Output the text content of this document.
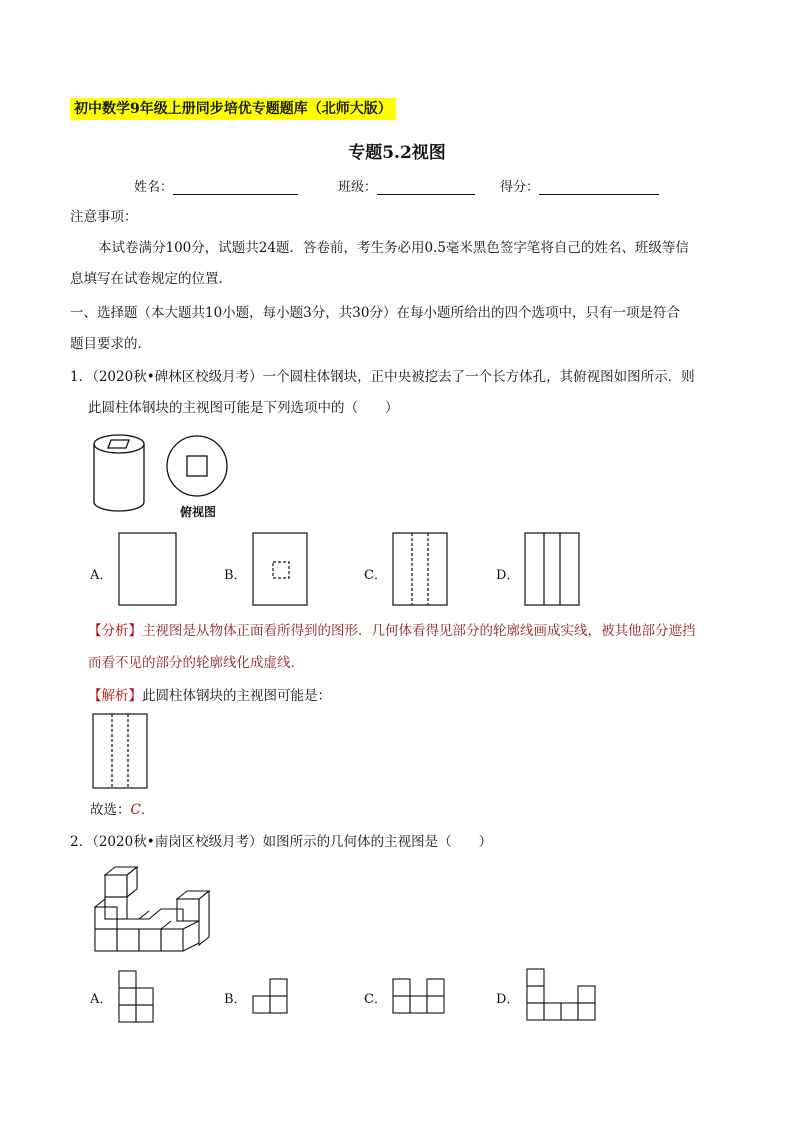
初中数学9年级上册同步培优专题题库（北师大版）
专题5.2视图
姓名：	班级：	得分：
注意事项：
本试卷满分100分，试题共24题．答卷前，考生务必用0.5毫米黑色签字笔将自己的姓名、班级等信
息填写在试卷规定的位置．
一、选择题（本大题共10小题，每小题3分，共30分）在每小题所给出的四个选项中，只有一项是符合
题目要求的．
1．（2020秋•碑林区校级月考）一个圆柱体钢块，正中央被挖去了一个长方体孔，其俯视图如图所示．则
此圆柱体钢块的主视图可能是下列选项中的（　　）
俯视图
A．	B．	C．	D．
【分析】主视图是从物体正面看所得到的图形．几何体看得见部分的轮廓线画成实线，被其他部分遮挡
而看不见的部分的轮廓线化成虚线．
【解析】此圆柱体钢块的主视图可能是：
故选：C．
2．（2020秋•南岗区校级月考）如图所示的几何体的主视图是（　　）
A．	B．	C．	D．
